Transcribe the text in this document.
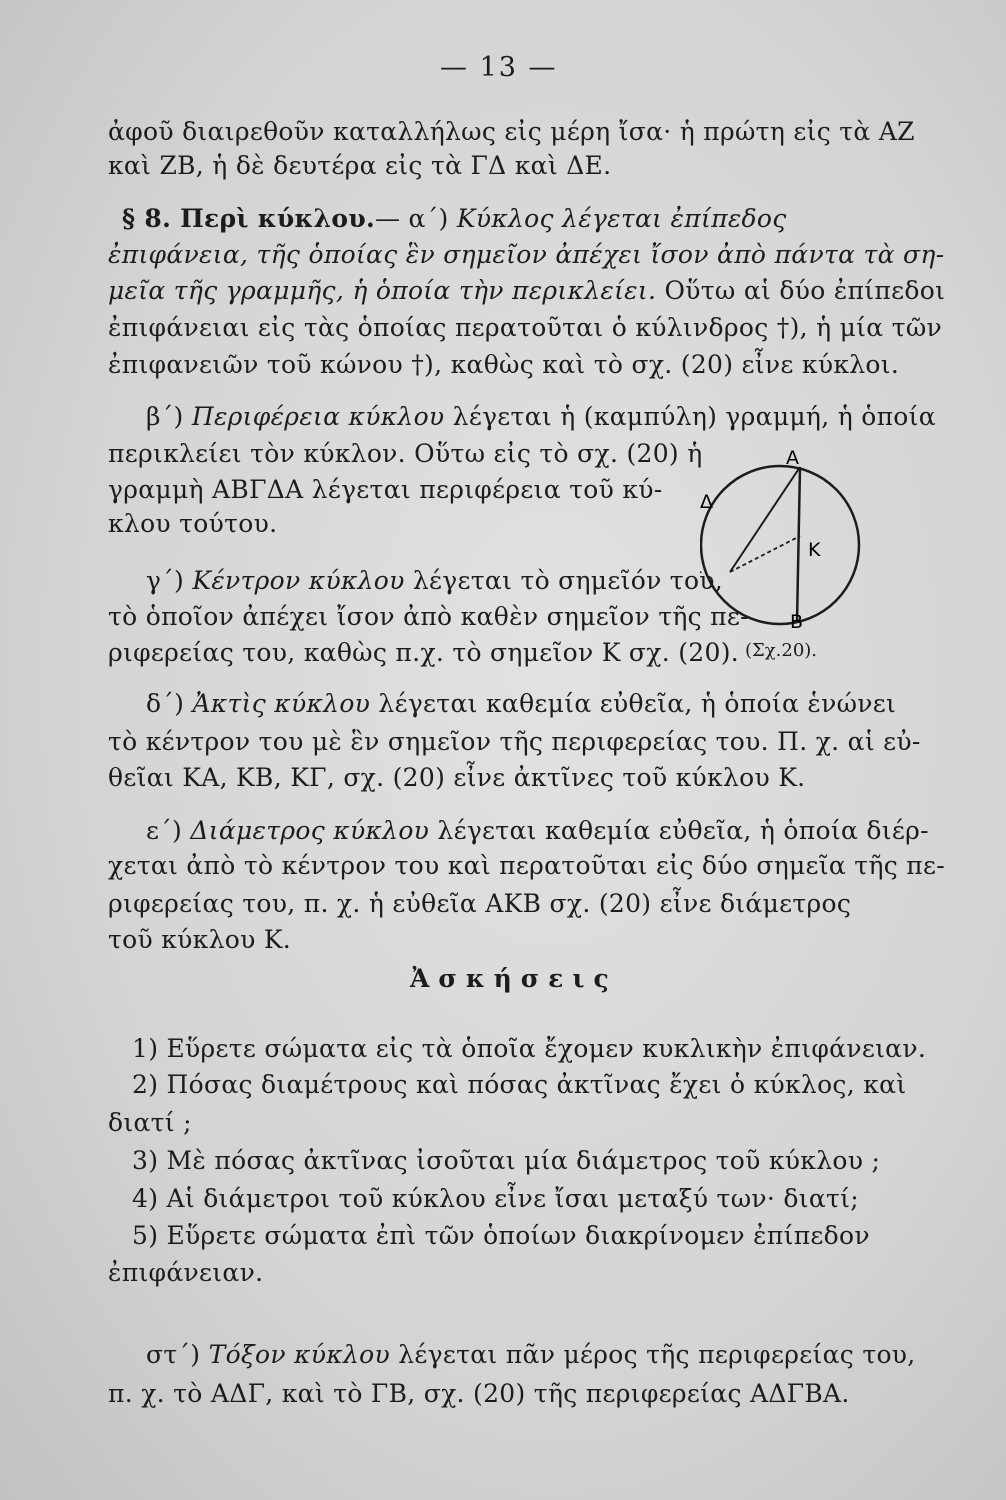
— 13 —
ἀφοῦ διαιρεθοῦν καταλλήλως εἰς μέρη ἴσα· ἡ πρώτη εἰς τὰ ΑΖ
καὶ ΖΒ, ἡ δὲ δευτέρα εἰς τὰ ΓΔ καὶ ΔΕ.
§ 8. Περὶ κύκλου.— α´) Κύκλος λέγεται ἐπίπεδος
ἐπιφάνεια, τῆς ὁποίας ἓν σημεῖον ἀπέχει ἴσον ἀπὸ πάντα τὰ ση-
μεῖα τῆς γραμμῆς, ἡ ὁποία τὴν περικλείει. Οὕτω αἱ δύο ἐπίπεδοι
ἐπιφάνειαι εἰς τὰς ὁποίας περατοῦται ὁ κύλινδρος †), ἡ μία τῶν
ἐπιφανειῶν τοῦ κώνου †), καθὼς καὶ τὸ σχ. (20) εἶνε κύκλοι.
β´) Περιφέρεια κύκλου λέγεται ἡ (καμπύλη) γραμμή, ἡ ὁποία
περικλείει τὸν κύκλον. Οὕτω εἰς τὸ σχ. (20) ἡ
γραμμὴ ΑΒΓΔΑ λέγεται περιφέρεια τοῦ κύ-
κλου τούτου.
γ´) Κέντρον κύκλου λέγεται τὸ σημεῖόν του,
τὸ ὁποῖον ἀπέχει ἴσον ἀπὸ καθὲν σημεῖον τῆς πε-
ριφερείας του, καθὼς π.χ. τὸ σημεῖον Κ σχ. (20).
δ´) Ἀκτὶς κύκλου λέγεται καθεμία εὐθεῖα, ἡ ὁποία ἑνώνει
τὸ κέντρον του μὲ ἓν σημεῖον τῆς περιφερείας του. Π. χ. αἱ εὐ-
θεῖαι ΚΑ, ΚΒ, ΚΓ, σχ. (20) εἶνε ἀκτῖνες τοῦ κύκλου Κ.
ε´) Διάμετρος κύκλου λέγεται καθεμία εὐθεῖα, ἡ ὁποία διέρ-
χεται ἀπὸ τὸ κέντρον του καὶ περατοῦται εἰς δύο σημεῖα τῆς πε-
ριφερείας του, π. χ. ἡ εὐθεῖα ΑΚΒ σχ. (20) εἶνε διάμετρος
τοῦ κύκλου Κ.
1) Εὕρετε σώματα εἰς τὰ ὁποῖα ἔχομεν κυκλικὴν ἐπιφάνειαν.
2) Πόσας διαμέτρους καὶ πόσας ἀκτῖνας ἔχει ὁ κύκλος, καὶ
διατί ;
3) Μὲ πόσας ἀκτῖνας ἰσοῦται μία διάμετρος τοῦ κύκλου ;
4) Αἱ διάμετροι τοῦ κύκλου εἶνε ἴσαι μεταξύ των· διατί;
5) Εὕρετε σώματα ἐπὶ τῶν ὁποίων διακρίνομεν ἐπίπεδον
ἐπιφάνειαν.
στ´) Τόξον κύκλου λέγεται πᾶν μέρος τῆς περιφερείας του,
π. χ. τὸ ΑΔΓ, καὶ τὸ ΓΒ, σχ. (20) τῆς περιφερείας ΑΔΓΒΑ.
Ἀσκήσεις
A
K
Δ
B
(Σχ.20).
